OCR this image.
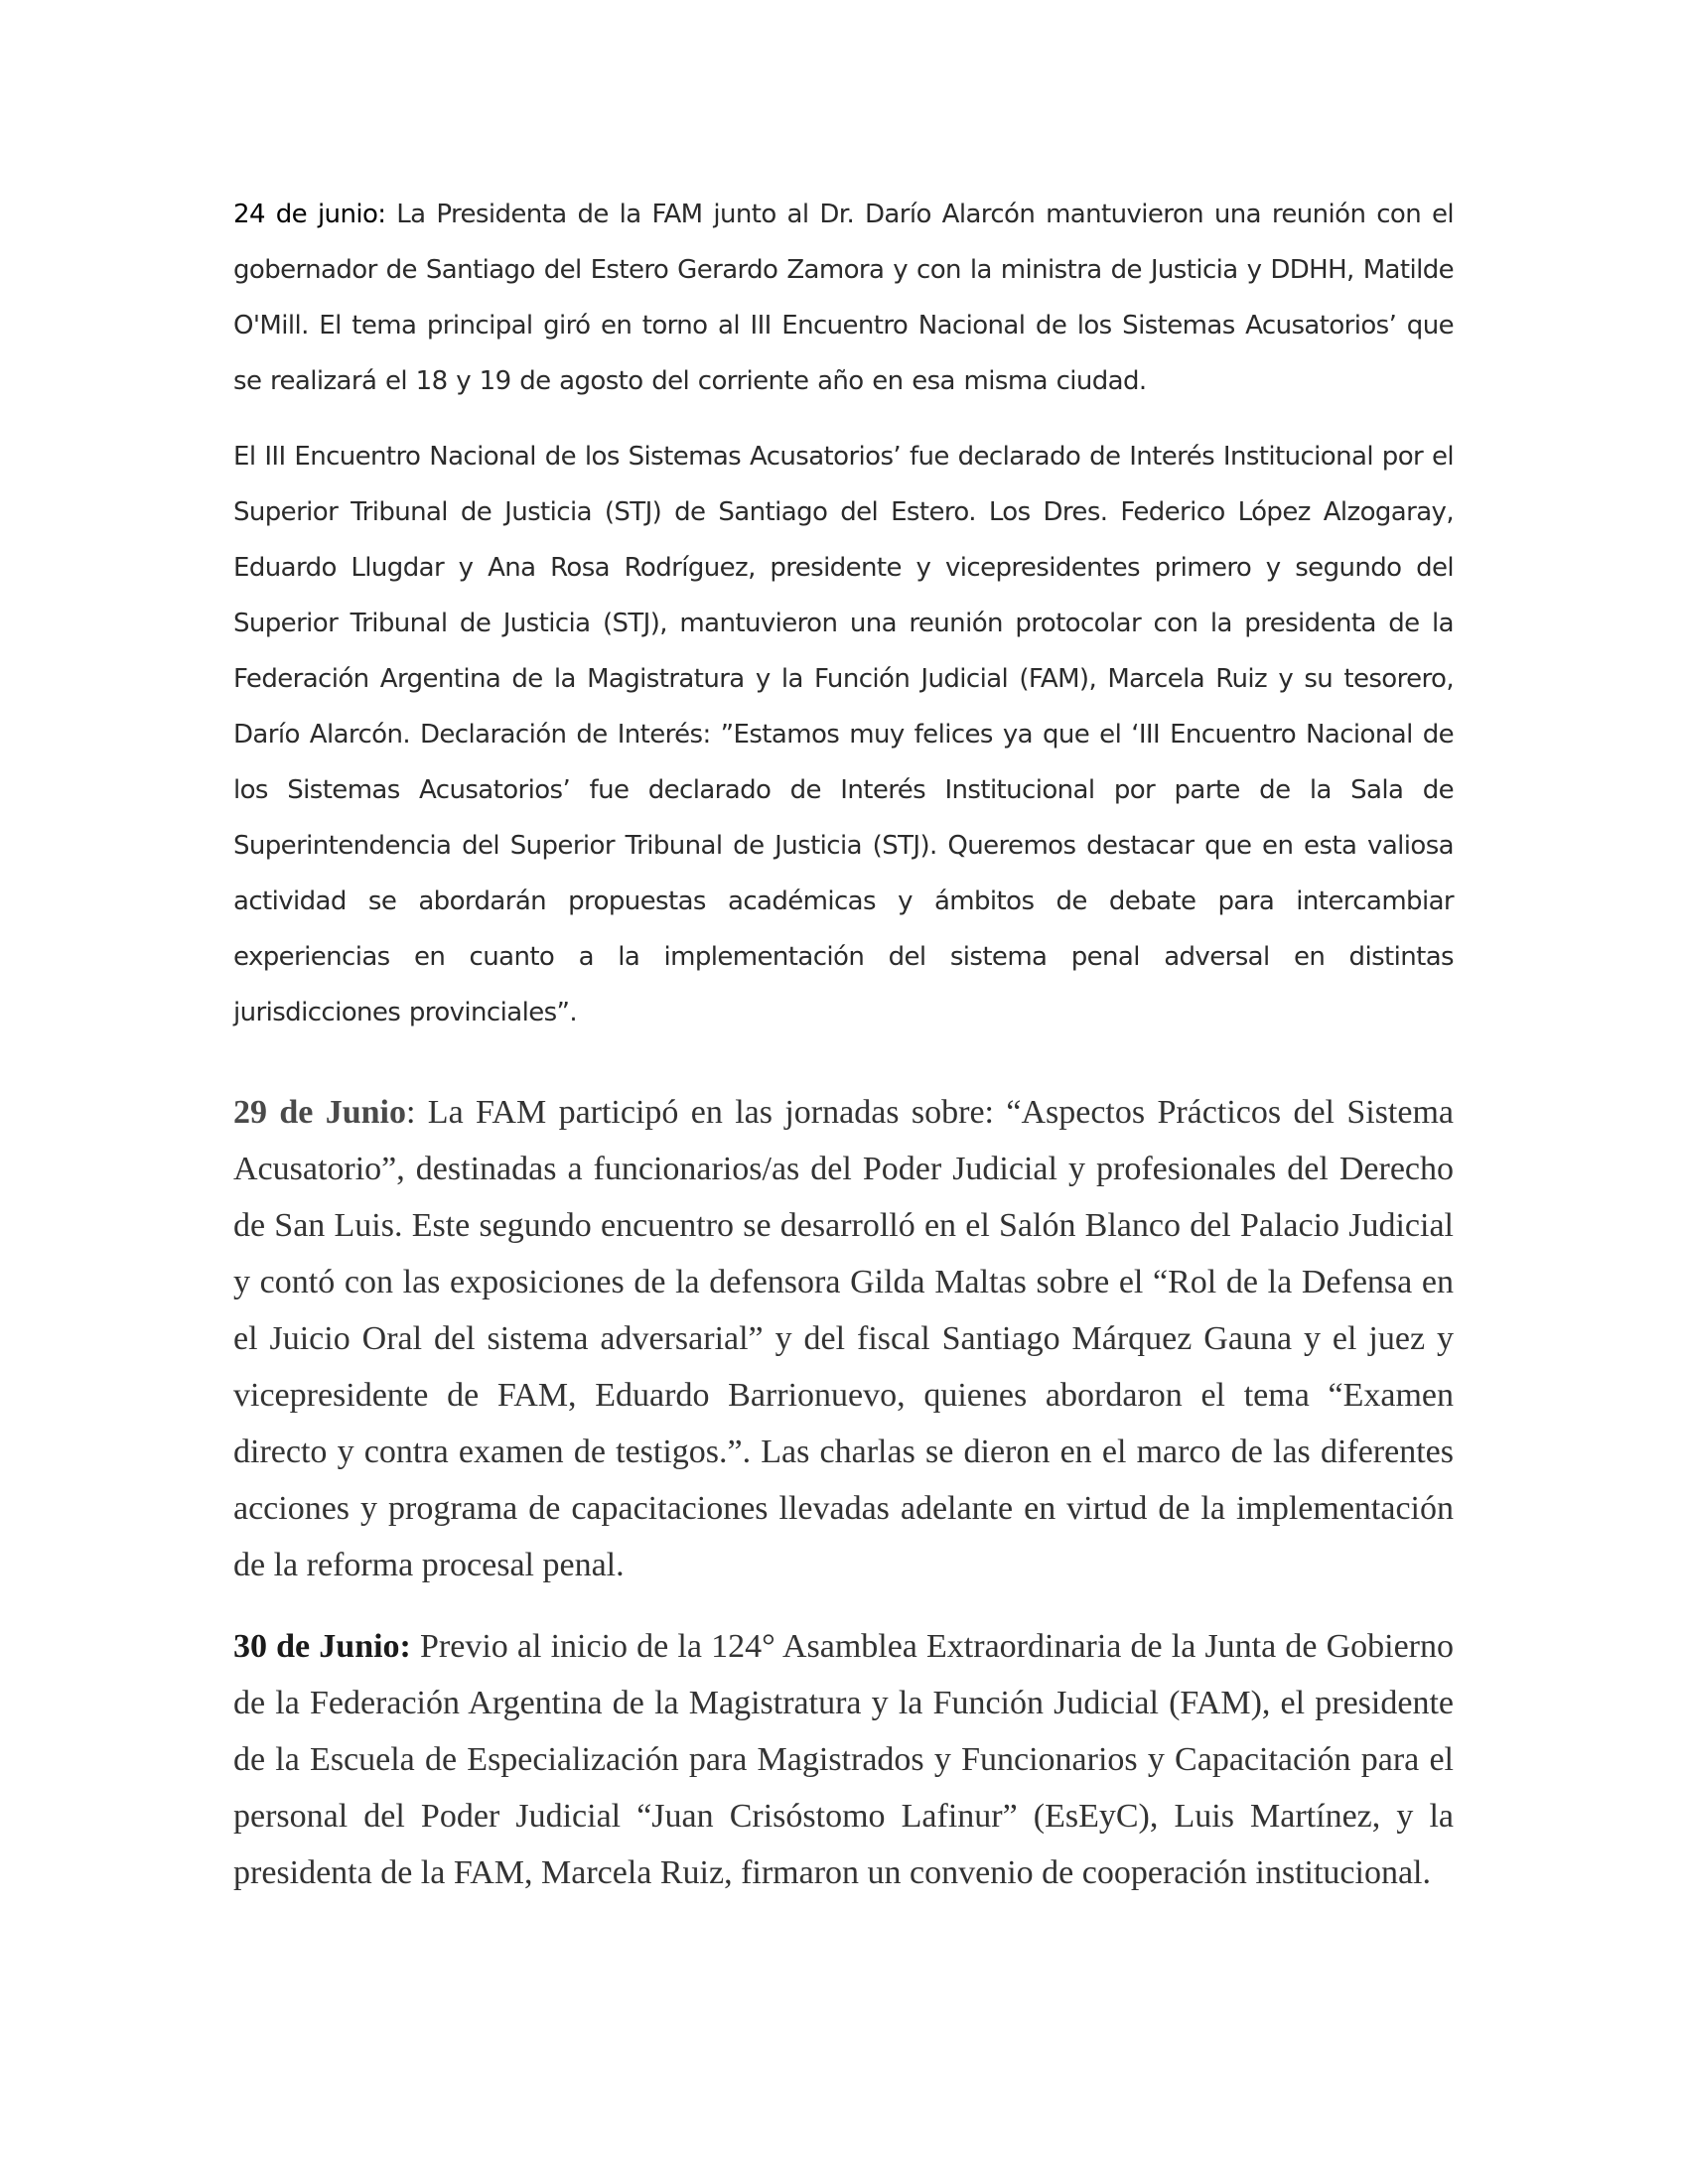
24 de junio: La Presidenta de la FAM junto al Dr. Darío Alarcón mantuvieron una reunión con el gobernador de Santiago del Estero Gerardo Zamora y con la ministra de Justicia y DDHH, Matilde O'Mill. El tema principal giró en torno al III Encuentro Nacional de los Sistemas Acusatorios’ que se realizará el 18 y 19 de agosto del corriente año en esa misma ciudad.

El III Encuentro Nacional de los Sistemas Acusatorios’ fue declarado de Interés Institucional por el Superior Tribunal de Justicia (STJ) de Santiago del Estero. Los Dres. Federico López Alzogaray, Eduardo Llugdar y Ana Rosa Rodríguez, presidente y vicepresidentes primero y segundo del Superior Tribunal de Justicia (STJ), mantuvieron una reunión protocolar con la presidenta de la Federación Argentina de la Magistratura y la Función Judicial (FAM), Marcela Ruiz y su tesorero, Darío Alarcón. Declaración de Interés: ”Estamos muy felices ya que el ‘III Encuentro Nacional de los Sistemas Acusatorios’ fue declarado de Interés Institucional por parte de la Sala de Superintendencia del Superior Tribunal de Justicia (STJ). Queremos destacar que en esta valiosa actividad se abordarán propuestas académicas y ámbitos de debate para intercambiar experiencias en cuanto a la implementación del sistema penal adversal en distintas jurisdicciones provinciales”.

29 de Junio: La FAM participó en las jornadas sobre: “Aspectos Prácticos del Sistema Acusatorio”, destinadas a funcionarios/as del Poder Judicial y profesionales del Derecho de San Luis. Este segundo encuentro se desarrolló en el Salón Blanco del Palacio Judicial y contó con las exposiciones de la defensora Gilda Maltas sobre el “Rol de la Defensa en el Juicio Oral del sistema adversarial” y del fiscal Santiago Márquez Gauna y el juez y vicepresidente de FAM, Eduardo Barrionuevo, quienes abordaron el tema “Examen directo y contra examen de testigos.”. Las charlas se dieron en el marco de las diferentes acciones y programa de capacitaciones llevadas adelante en virtud de la implementación de la reforma procesal penal.

30 de Junio: Previo al inicio de la 124° Asamblea Extraordinaria de la Junta de Gobierno de la Federación Argentina de la Magistratura y la Función Judicial (FAM), el presidente de la Escuela de Especialización para Magistrados y Funcionarios y Capacitación para el personal del Poder Judicial “Juan Crisóstomo Lafinur” (EsEyC), Luis Martínez, y la presidenta de la FAM, Marcela Ruiz, firmaron un convenio de cooperación institucional.
